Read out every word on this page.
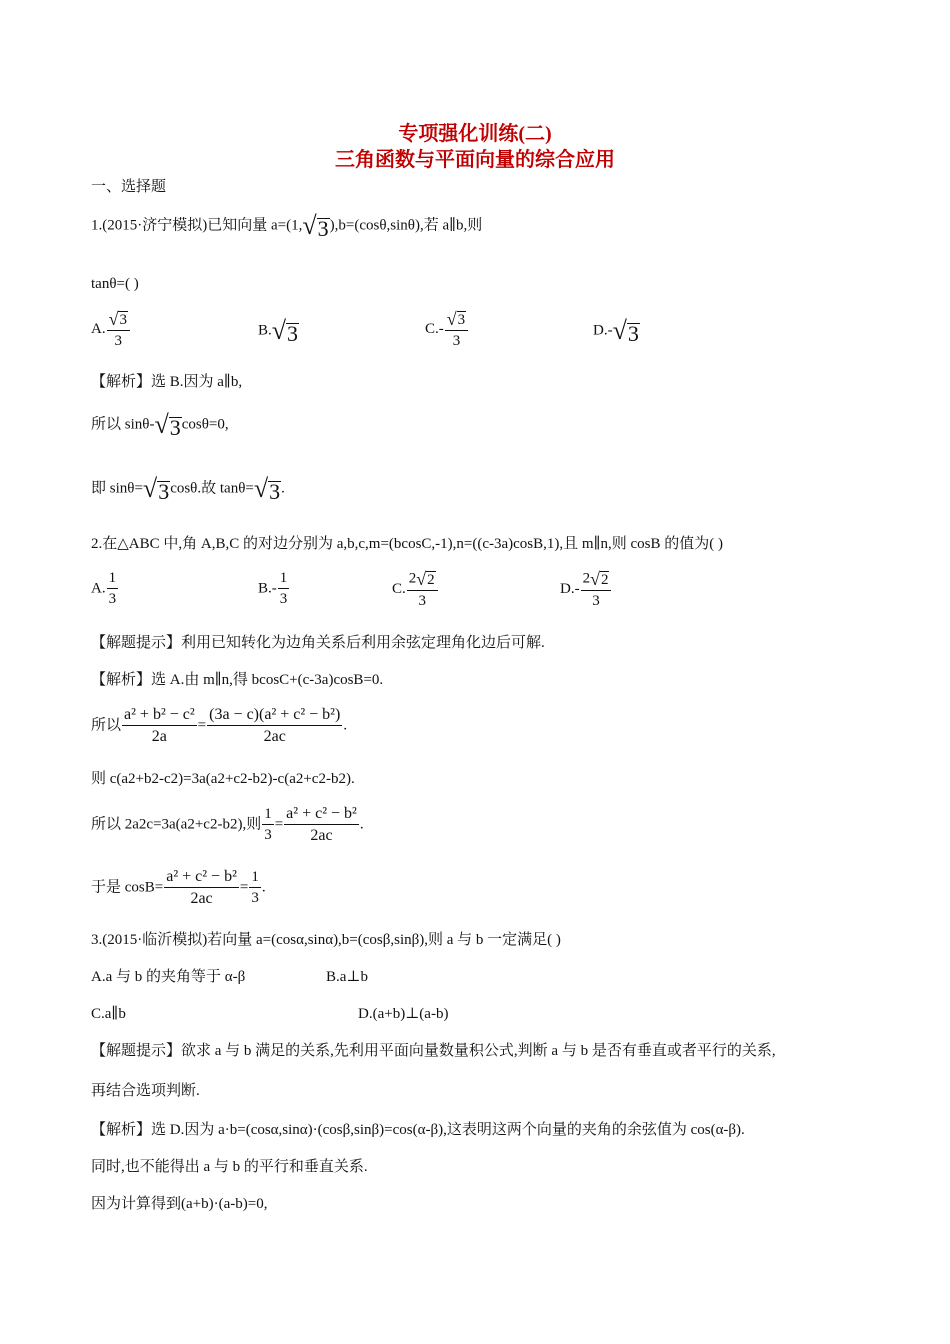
专项强化训练(二)
三角函数与平面向量的综合应用
一、选择题
1.(2015·济宁模拟)已知向量 a=(1, √ 3 ),b=(cosθ,sinθ),若 a∥b,则
tanθ=( )
A. $\frac{√ 3}{3}$	B. √ 3	$C.- \frac{√ 3}{3}$	D.- √ 3
【解析】选 B.因为 a∥b,
所以 sinθ- √ 3 cosθ=0,
即 sinθ= √ 3 cosθ.故 tanθ= √ 3 .
2.在△ABC 中,角 A,B,C 的对边分别为 a,b,c,m=(bcosC,-1),n=((c-3a)cosB,1),且 m∥n,则 cosB 的值为( )
A. $\frac{1}{3}$	$B.- \frac{1}{3}$	C. $\frac{2 √ 2}{3}$	$D.- \frac{2 √ 2}{3}$
【解题提示】利用已知转化为边角关系后利用余弦定理角化边后可解.
【解析】选 A.由 m∥n,得 bcosC+(c-3a)cosB=0.
所以 $\frac{\text{a² + b² − c²}}{2a} = \frac{\text{(3a − c)(a² + c² − b²)}}{2ac}$ .
则 c(a2+b2-c2)=3a(a2+c2-b2)-c(a2+c2-b2).
所以 2a2c=3a(a2+c2-b2),则 $\frac{1}{3} = \frac{\text{a² + c² − b²}}{2ac}$ .
于是 $\cos B= \frac{\text{a² + c² − b²}}{2ac} = \frac{1}{3}$ .
3.(2015·临沂模拟)若向量 a=(cosα,sinα),b=(cosβ,sinβ),则 a 与 b 一定满足( )
A.a 与 b 的夹角等于 α-β	B.a⊥b
C.a∥b	D.(a+b)⊥(a-b)
【解题提示】欲求 a 与 b 满足的关系,先利用平面向量数量积公式,判断 a 与 b 是否有垂直或者平行的关系,
再结合选项判断.
【解析】选 D.因为 a·b=(cosα,sinα)·(cosβ,sinβ)=cos(α-β),这表明这两个向量的夹角的余弦值为 cos(α-β).
同时,也不能得出 a 与 b 的平行和垂直关系.
因为计算得到(a+b)·(a-b)=0,
